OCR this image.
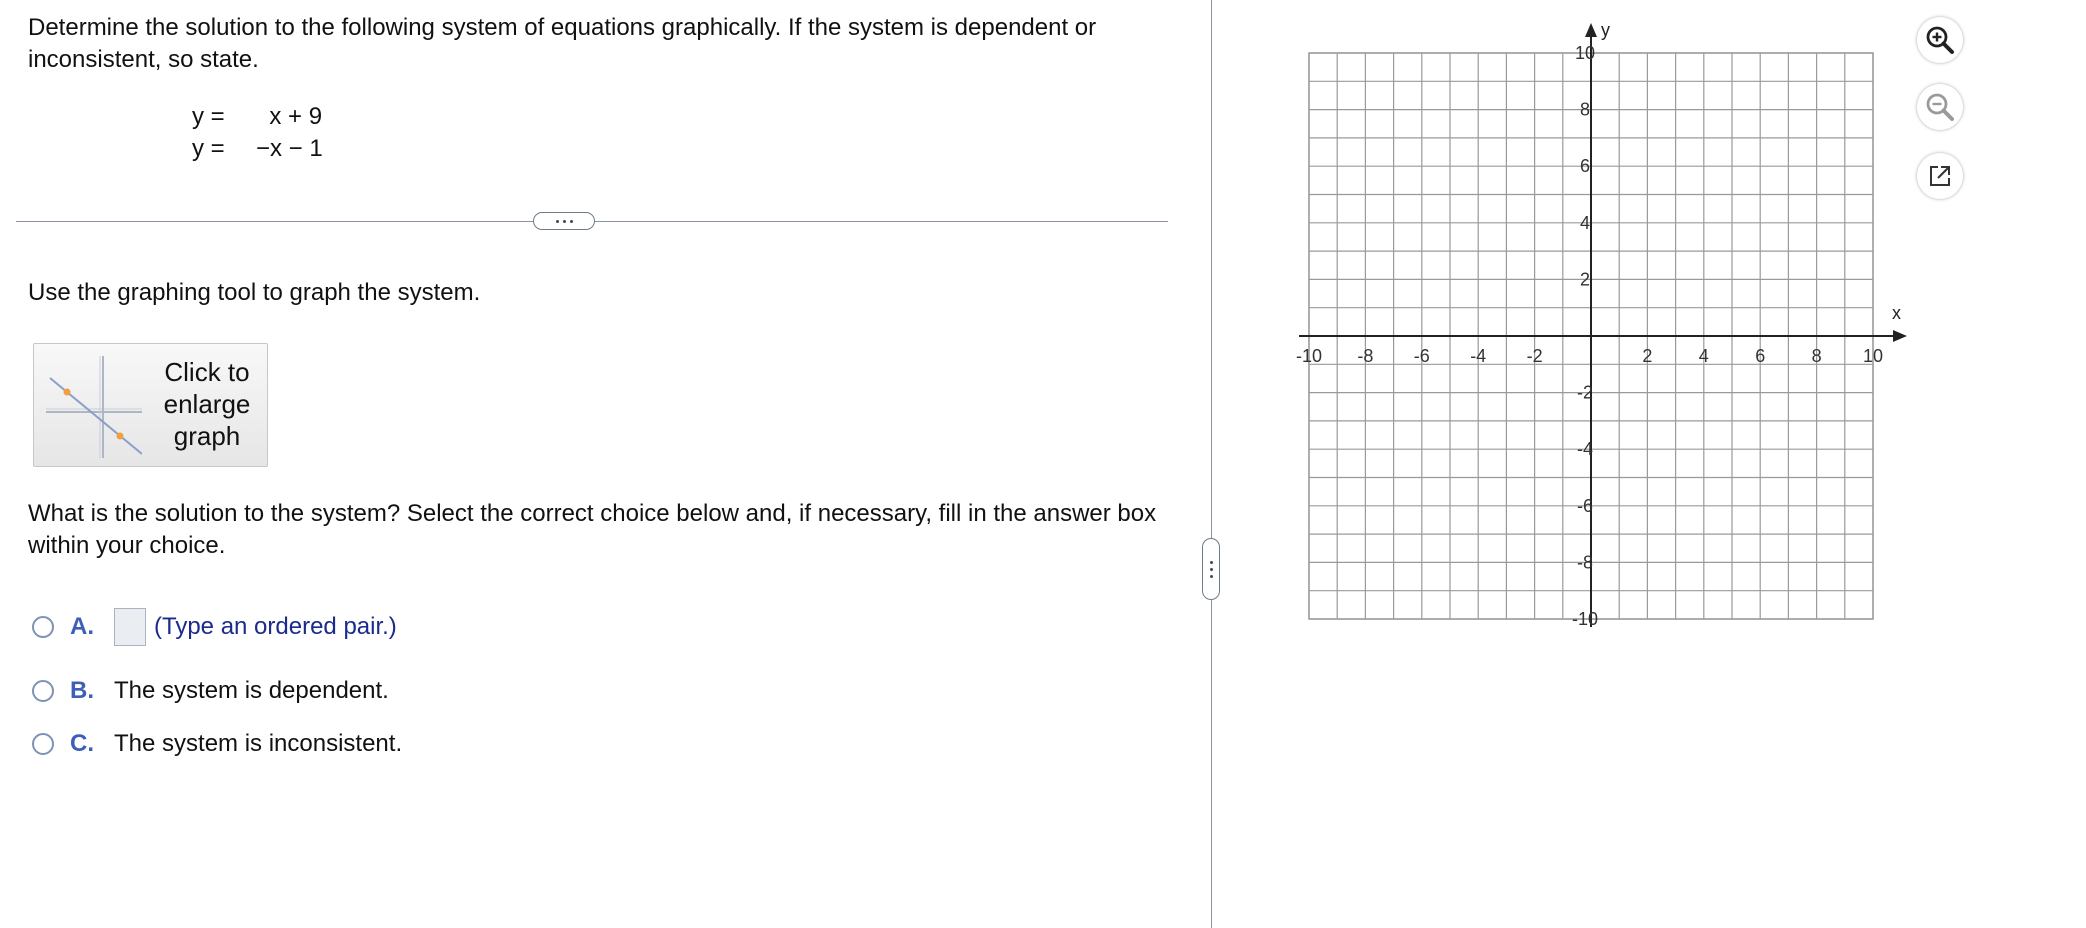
Determine the solution to the following system of equations graphically. If the system is dependent or inconsistent, so state.
y =	x + 9
y =	−x − 1
Use the graphing tool to graph the system.
Click to enlarge graph
What is the solution to the system? Select the correct choice below and, if necessary, fill in the answer box within your choice.
A.	(Type an ordered pair.)
B. The system is dependent.
C. The system is inconsistent.
x
y
-10 -8 -6 -4 -2	2	4	6	8 10
10
8
6
4
2
-2
-4
-6
-8
-10
